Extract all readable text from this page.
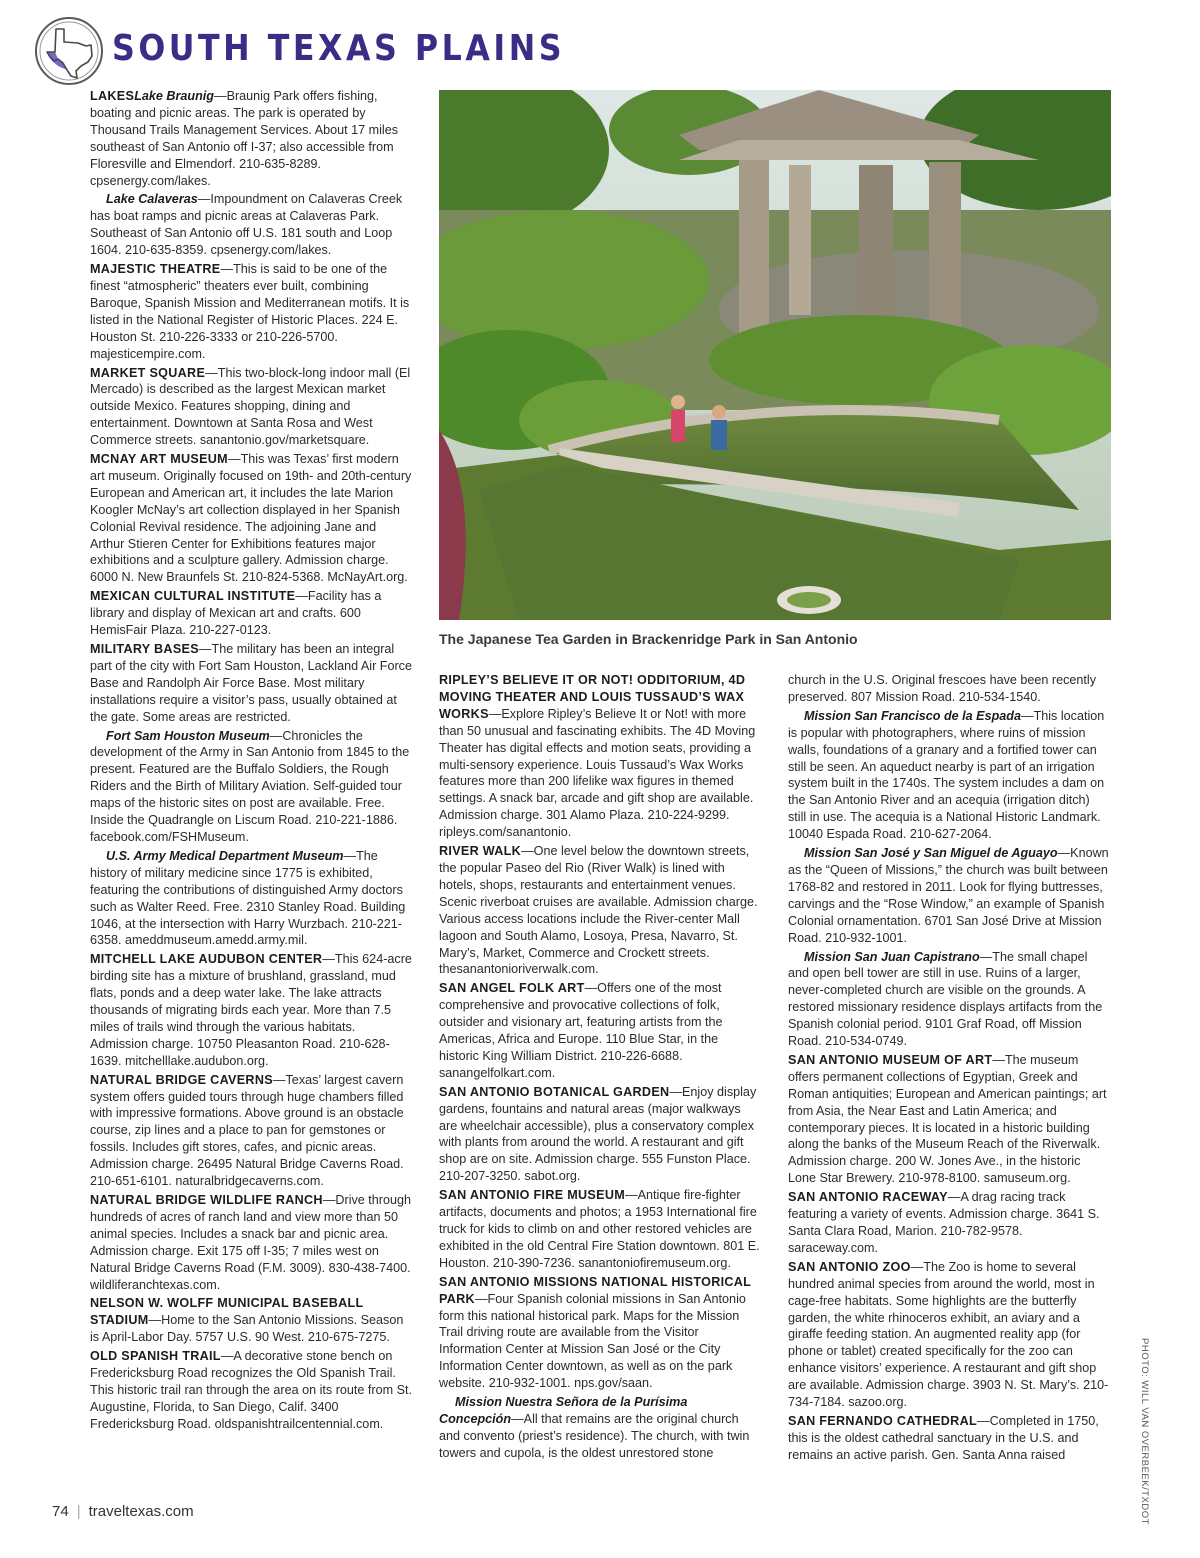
SOUTH TEXAS PLAINS

LAKESLake Braunig—Braunig Park offers fishing, boating and picnic areas. The park is operated by Thousand Trails Management Services. About 17 miles southeast of San Antonio off I-37; also accessible from Floresville and Elmendorf. 210-635-8289. cpsenergy.com/lakes.

Lake Calaveras—Impoundment on Calaveras Creek has boat ramps and picnic areas at Calaveras Park. Southeast of San Antonio off U.S. 181 south and Loop 1604. 210-635-8359. cpsenergy.com/lakes.

MAJESTIC THEATRE—This is said to be one of the finest “atmospheric” theaters ever built, combining Baroque, Spanish Mission and Mediterranean motifs. It is listed in the National Register of Historic Places. 224 E. Houston St. 210-226-3333 or 210-226-5700. majesticempire.com.

MARKET SQUARE—This two-block-long indoor mall (El Mercado) is described as the largest Mexican market outside Mexico. Features shopping, dining and entertainment. Downtown at Santa Rosa and West Commerce streets. sanantonio.gov/marketsquare.

MCNAY ART MUSEUM—This was Texas’ first modern art museum. Originally focused on 19th- and 20th-century European and American art, it includes the late Marion Koogler McNay’s art collection displayed in her Spanish Colonial Revival residence. The adjoining Jane and Arthur Stieren Center for Exhibitions features major exhibitions and a sculpture gallery. Admission charge. 6000 N. New Braunfels St. 210-824-5368. McNayArt.org.

MEXICAN CULTURAL INSTITUTE—Facility has a library and display of Mexican art and crafts. 600 HemisFair Plaza. 210-227-0123.

MILITARY BASES—The military has been an integral part of the city with Fort Sam Houston, Lackland Air Force Base and Randolph Air Force Base. Most military installations require a visitor’s pass, usually obtained at the gate. Some areas are restricted.

Fort Sam Houston Museum—Chronicles the development of the Army in San Antonio from 1845 to the present. Featured are the Buffalo Soldiers, the Rough Riders and the Birth of Military Aviation. Self-guided tour maps of the historic sites on post are available. Free. Inside the Quadrangle on Liscum Road. 210-221-1886. facebook.com/FSHMuseum.

U.S. Army Medical Department Museum—The history of military medicine since 1775 is exhibited, featuring the contributions of distinguished Army doctors such as Walter Reed. Free. 2310 Stanley Road. Building 1046, at the intersection with Harry Wurzbach. 210-221-6358. ameddmuseum.amedd.army.mil.

MITCHELL LAKE AUDUBON CENTER—This 624-acre birding site has a mixture of brushland, grassland, mud flats, ponds and a deep water lake. The lake attracts thousands of migrating birds each year. More than 7.5 miles of trails wind through the various habitats. Admission charge. 10750 Pleasanton Road. 210-628-1639. mitchelllake.audubon.org.

NATURAL BRIDGE CAVERNS—Texas’ largest cavern system offers guided tours through huge chambers filled with impressive formations. Above ground is an obstacle course, zip lines and a place to pan for gemstones or fossils. Includes gift stores, cafes, and picnic areas. Admission charge. 26495 Natural Bridge Caverns Road. 210-651-6101. naturalbridgecaverns.com.

NATURAL BRIDGE WILDLIFE RANCH—Drive through hundreds of acres of ranch land and view more than 50 animal species. Includes a snack bar and picnic area. Admission charge. Exit 175 off I-35; 7 miles west on Natural Bridge Caverns Road (F.M. 3009). 830-438-7400. wildliferanchtexas.com.

NELSON W. WOLFF MUNICIPAL BASEBALL STADIUM—Home to the San Antonio Missions. Season is April-Labor Day. 5757 U.S. 90 West. 210-675-7275.

OLD SPANISH TRAIL—A decorative stone bench on Fredericksburg Road recognizes the Old Spanish Trail. This historic trail ran through the area on its route from St. Augustine, Florida, to San Diego, Calif. 3400 Fredericksburg Road. oldspanishtrailcentennial.com.

The Japanese Tea Garden in Brackenridge Park in San Antonio

RIPLEY’S BELIEVE IT OR NOT! ODDITORIUM, 4D MOVING THEATER AND LOUIS TUSSAUD’S WAX WORKS—Explore Ripley’s Believe It or Not! with more than 50 unusual and fascinating exhibits. The 4D Moving Theater has digital effects and motion seats, providing a multi-sensory experience. Louis Tussaud’s Wax Works features more than 200 lifelike wax figures in themed settings. A snack bar, arcade and gift shop are available. Admission charge. 301 Alamo Plaza. 210-224-9299. ripleys.com/sanantonio.

RIVER WALK—One level below the downtown streets, the popular Paseo del Rio (River Walk) is lined with hotels, shops, restaurants and entertainment venues. Scenic riverboat cruises are available. Admission charge. Various access locations include the River-center Mall lagoon and South Alamo, Losoya, Presa, Navarro, St. Mary’s, Market, Commerce and Crockett streets. thesanantonioriverwalk.com.

SAN ANGEL FOLK ART—Offers one of the most comprehensive and provocative collections of folk, outsider and visionary art, featuring artists from the Americas, Africa and Europe. 110 Blue Star, in the historic King William District. 210-226-6688. sanangelfolkart.com.

SAN ANTONIO BOTANICAL GARDEN—Enjoy display gardens, fountains and natural areas (major walkways are wheelchair accessible), plus a conservatory complex with plants from around the world. A restaurant and gift shop are on site. Admission charge. 555 Funston Place. 210-207-3250. sabot.org.

SAN ANTONIO FIRE MUSEUM—Antique fire-fighter artifacts, documents and photos; a 1953 International fire truck for kids to climb on and other restored vehicles are exhibited in the old Central Fire Station downtown. 801 E. Houston. 210-390-7236. sanantoniofiremuseum.org.

SAN ANTONIO MISSIONS NATIONAL HISTORICAL PARK—Four Spanish colonial missions in San Antonio form this national historical park. Maps for the Mission Trail driving route are available from the Visitor Information Center at Mission San José or the City Information Center downtown, as well as on the park website. 210-932-1001. nps.gov/saan.

Mission Nuestra Señora de la Purísima Concepción—All that remains are the original church and convento (priest’s residence). The church, with twin towers and cupola, is the oldest unrestored stone

church in the U.S. Original frescoes have been recently preserved. 807 Mission Road. 210-534-1540.

Mission San Francisco de la Espada—This location is popular with photographers, where ruins of mission walls, foundations of a granary and a fortified tower can still be seen. An aqueduct nearby is part of an irrigation system built in the 1740s. The system includes a dam on the San Antonio River and an acequia (irrigation ditch) still in use. The acequia is a National Historic Landmark. 10040 Espada Road. 210-627-2064.

Mission San José y San Miguel de Aguayo—Known as the “Queen of Missions,” the church was built between 1768-82 and restored in 2011. Look for flying buttresses, carvings and the “Rose Window,” an example of Spanish Colonial ornamentation. 6701 San José Drive at Mission Road. 210-932-1001.

Mission San Juan Capistrano—The small chapel and open bell tower are still in use. Ruins of a larger, never-completed church are visible on the grounds. A restored missionary residence displays artifacts from the Spanish colonial period. 9101 Graf Road, off Mission Road. 210-534-0749.

SAN ANTONIO MUSEUM OF ART—The museum offers permanent collections of Egyptian, Greek and Roman antiquities; European and American paintings; art from Asia, the Near East and Latin America; and contemporary pieces. It is located in a historic building along the banks of the Museum Reach of the Riverwalk. Admission charge. 200 W. Jones Ave., in the historic Lone Star Brewery. 210-978-8100. samuseum.org.

SAN ANTONIO RACEWAY—A drag racing track featuring a variety of events. Admission charge. 3641 S. Santa Clara Road, Marion. 210-782-9578. saraceway.com.

SAN ANTONIO ZOO—The Zoo is home to several hundred animal species from around the world, most in cage-free habitats. Some highlights are the butterfly garden, the white rhinoceros exhibit, an aviary and a giraffe feeding station. An augmented reality app (for phone or tablet) created specifically for the zoo can enhance visitors’ experience. A restaurant and gift shop are available. Admission charge. 3903 N. St. Mary’s. 210-734-7184. sazoo.org.

SAN FERNANDO CATHEDRAL—Completed in 1750, this is the oldest cathedral sanctuary in the U.S. and remains an active parish. Gen. Santa Anna raised	PHOTO: WILL VAN OVERBEEK/TXDOT
74 | traveltexas.com
